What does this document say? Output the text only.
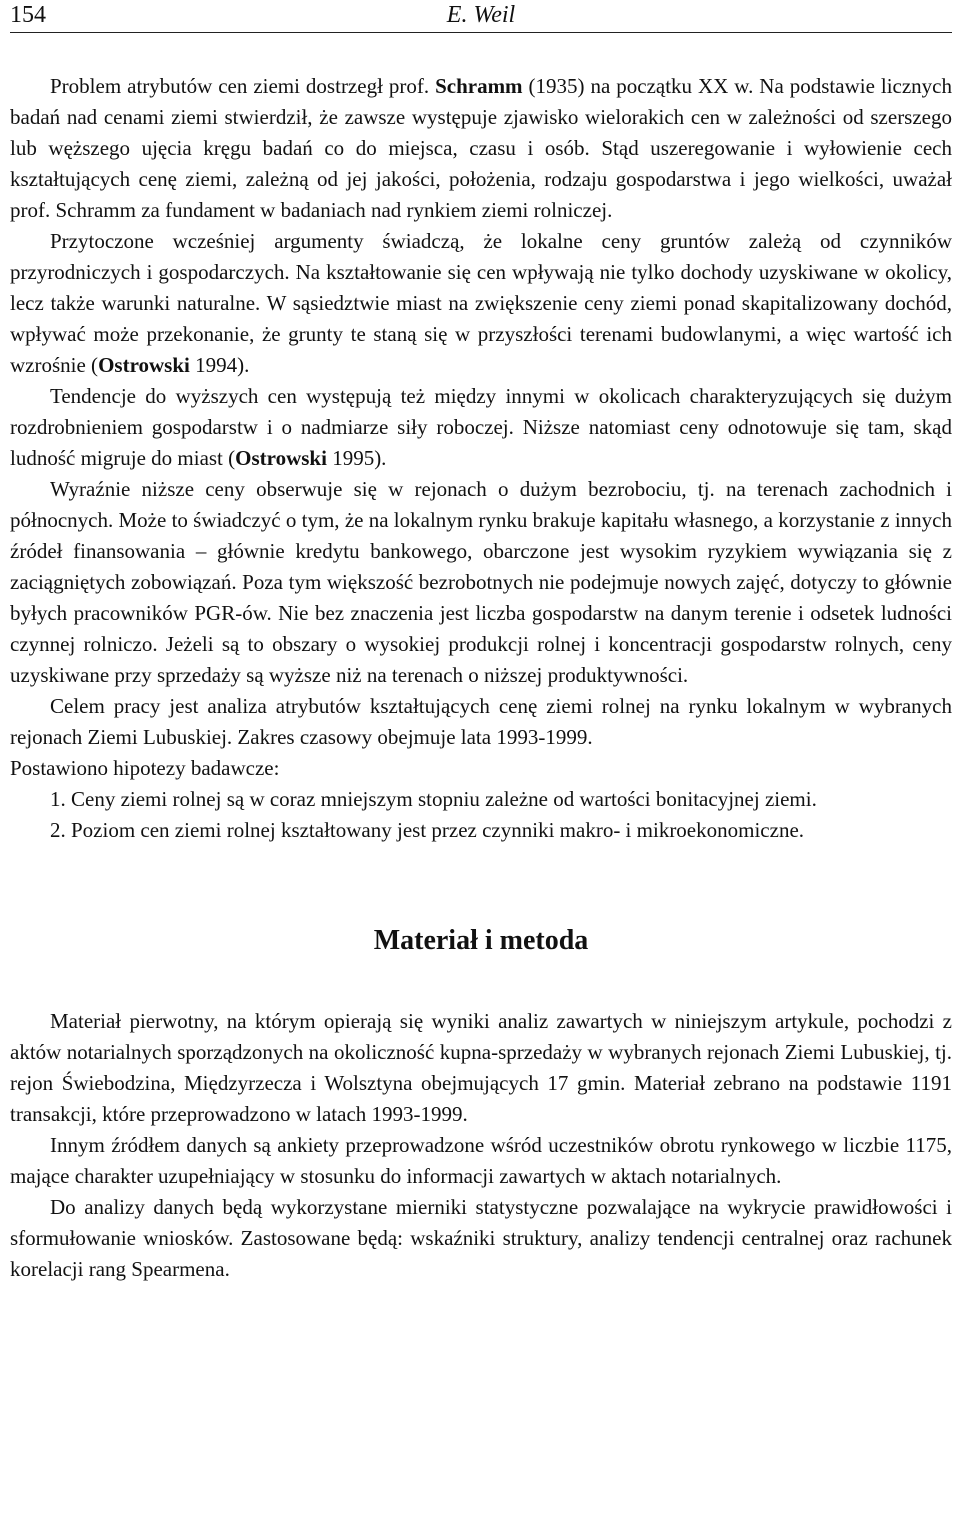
154	E. Weil

Problem atrybutów cen ziemi dostrzegł prof. Schramm (1935) na początku XX w. Na podstawie licznych badań nad cenami ziemi stwierdził, że zawsze występuje zjawisko wielorakich cen w zależności od szerszego lub węższego ujęcia kręgu badań co do miejsca, czasu i osób. Stąd uszeregowanie i wyłowienie cech kształtujących cenę ziemi, zależną od jej jakości, położenia, rodzaju gospodarstwa i jego wielkości, uważał prof. Schramm za fundament w badaniach nad rynkiem ziemi rolniczej.

Przytoczone wcześniej argumenty świadczą, że lokalne ceny gruntów zależą od czynników przyrodniczych i gospodarczych. Na kształtowanie się cen wpływają nie tylko dochody uzyskiwane w okolicy, lecz także warunki naturalne. W sąsiedztwie miast na zwiększenie ceny ziemi ponad skapitalizowany dochód, wpływać może przekonanie, że grunty te staną się w przyszłości terenami budowlanymi, a więc wartość ich wzrośnie (Ostrowski 1994).

Tendencje do wyższych cen występują też między innymi w okolicach charakteryzujących się dużym rozdrobnieniem gospodarstw i o nadmiarze siły roboczej. Niższe natomiast ceny odnotowuje się tam, skąd ludność migruje do miast (Ostrowski 1995).

Wyraźnie niższe ceny obserwuje się w rejonach o dużym bezrobociu, tj. na terenach zachodnich i północnych. Może to świadczyć o tym, że na lokalnym rynku brakuje kapitału własnego, a korzystanie z innych źródeł finansowania – głównie kredytu bankowego, obarczone jest wysokim ryzykiem wywiązania się z zaciągniętych zobowiązań. Poza tym większość bezrobotnych nie podejmuje nowych zajęć, dotyczy to głównie byłych pracowników PGR-ów. Nie bez znaczenia jest liczba gospodarstw na danym terenie i odsetek ludności czynnej rolniczo. Jeżeli są to obszary o wysokiej produkcji rolnej i koncentracji gospodarstw rolnych, ceny uzyskiwane przy sprzedaży są wyższe niż na terenach o niższej produktywności.

Celem pracy jest analiza atrybutów kształtujących cenę ziemi rolnej na rynku lokalnym w wybranych rejonach Ziemi Lubuskiej. Zakres czasowy obejmuje lata 1993-1999.

Postawiono hipotezy badawcze:

1. Ceny ziemi rolnej są w coraz mniejszym stopniu zależne od wartości bonitacyjnej ziemi.

2. Poziom cen ziemi rolnej kształtowany jest przez czynniki makro- i mikroekonomiczne.

Materiał i metoda

Materiał pierwotny, na którym opierają się wyniki analiz zawartych w niniejszym artykule, pochodzi z aktów notarialnych sporządzonych na okoliczność kupna-sprzedaży w wybranych rejonach Ziemi Lubuskiej, tj. rejon Świebodzina, Międzyrzecza i Wolsztyna obejmujących 17 gmin. Materiał zebrano na podstawie 1191 transakcji, które przeprowadzono w latach 1993-1999.

Innym źródłem danych są ankiety przeprowadzone wśród uczestników obrotu rynkowego w liczbie 1175, mające charakter uzupełniający w stosunku do informacji zawartych w aktach notarialnych.

Do analizy danych będą wykorzystane mierniki statystyczne pozwalające na wykrycie prawidłowości i sformułowanie wniosków. Zastosowane będą: wskaźniki struktury, analizy tendencji centralnej oraz rachunek korelacji rang Spearmena.
